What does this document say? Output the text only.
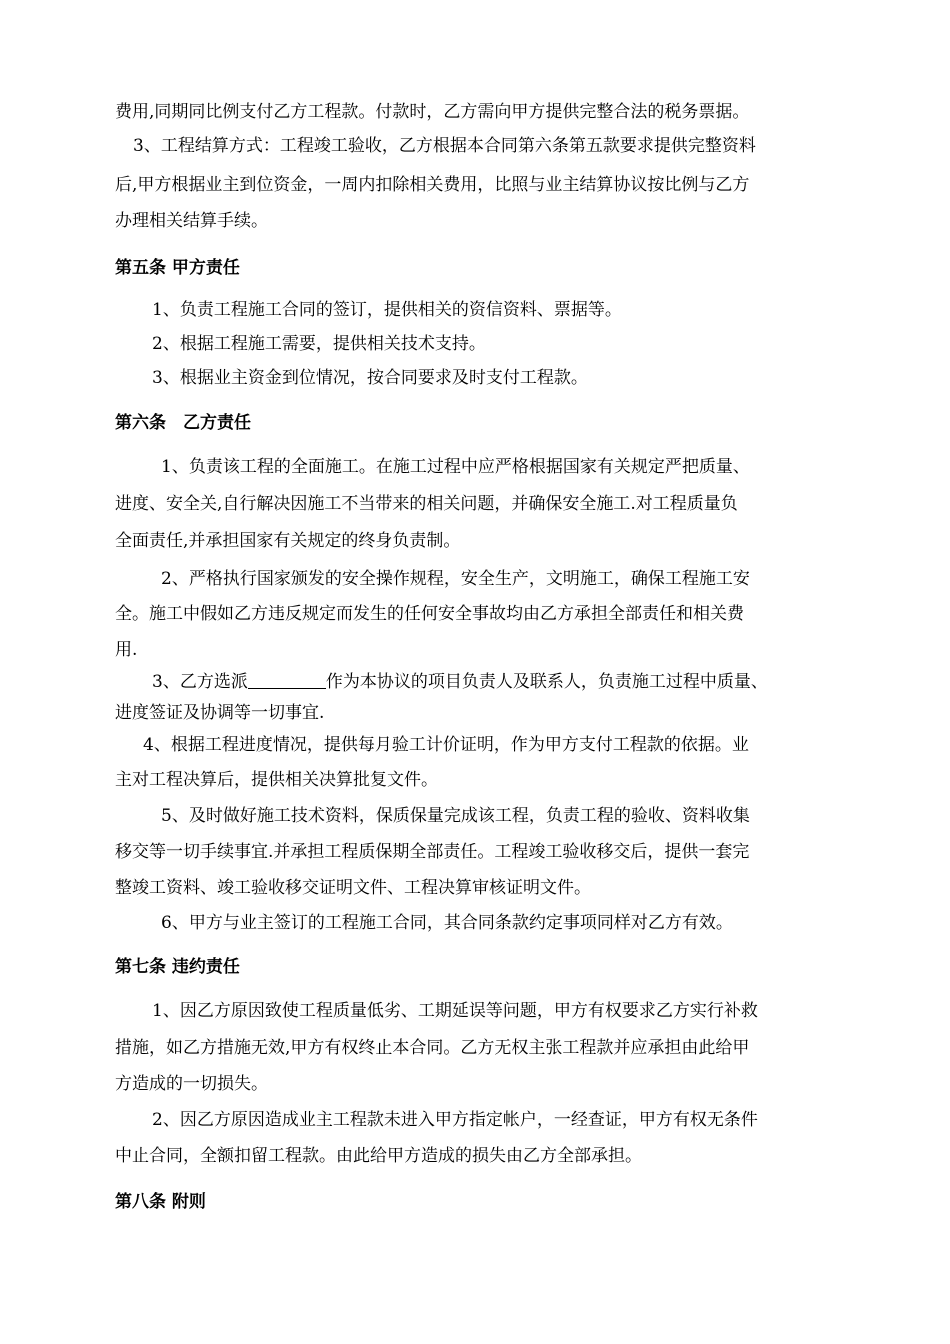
费用,同期同比例支付乙方工程款。付款时，乙方需向甲方提供完整合法的税务票据。
3、工程结算方式：工程竣工验收，乙方根据本合同第六条第五款要求提供完整资料
后,甲方根据业主到位资金，一周内扣除相关费用，比照与业主结算协议按比例与乙方
办理相关结算手续。
第五条 甲方责任
1、负责工程施工合同的签订，提供相关的资信资料、票据等。
2、根据工程施工需要，提供相关技术支持。
3、根据业主资金到位情况，按合同要求及时支付工程款。
第六条　乙方责任
1、负责该工程的全面施工。在施工过程中应严格根据国家有关规定严把质量、
进度、安全关,自行解决因施工不当带来的相关问题，并确保安全施工.对工程质量负
全面责任,并承担国家有关规定的终身负责制。
2、严格执行国家颁发的安全操作规程，安全生产，文明施工，确保工程施工安
全。施工中假如乙方违反规定而发生的任何安全事故均由乙方承担全部责任和相关费
用.
3、乙方选派	作为本协议的项目负责人及联系人，负责施工过程中质量、
进度签证及协调等一切事宜.
4、根据工程进度情况，提供每月验工计价证明，作为甲方支付工程款的依据。业
主对工程决算后，提供相关决算批复文件。
5、及时做好施工技术资料，保质保量完成该工程，负责工程的验收、资料收集
移交等一切手续事宜.并承担工程质保期全部责任。工程竣工验收移交后，提供一套完
整竣工资料、竣工验收移交证明文件、工程决算审核证明文件。
6、甲方与业主签订的工程施工合同，其合同条款约定事项同样对乙方有效。
第七条 违约责任
1、因乙方原因致使工程质量低劣、工期延误等问题，甲方有权要求乙方实行补救
措施，如乙方措施无效,甲方有权终止本合同。乙方无权主张工程款并应承担由此给甲
方造成的一切损失。
2、因乙方原因造成业主工程款未进入甲方指定帐户，一经查证，甲方有权无条件
中止合同，全额扣留工程款。由此给甲方造成的损失由乙方全部承担。
第八条 附则
